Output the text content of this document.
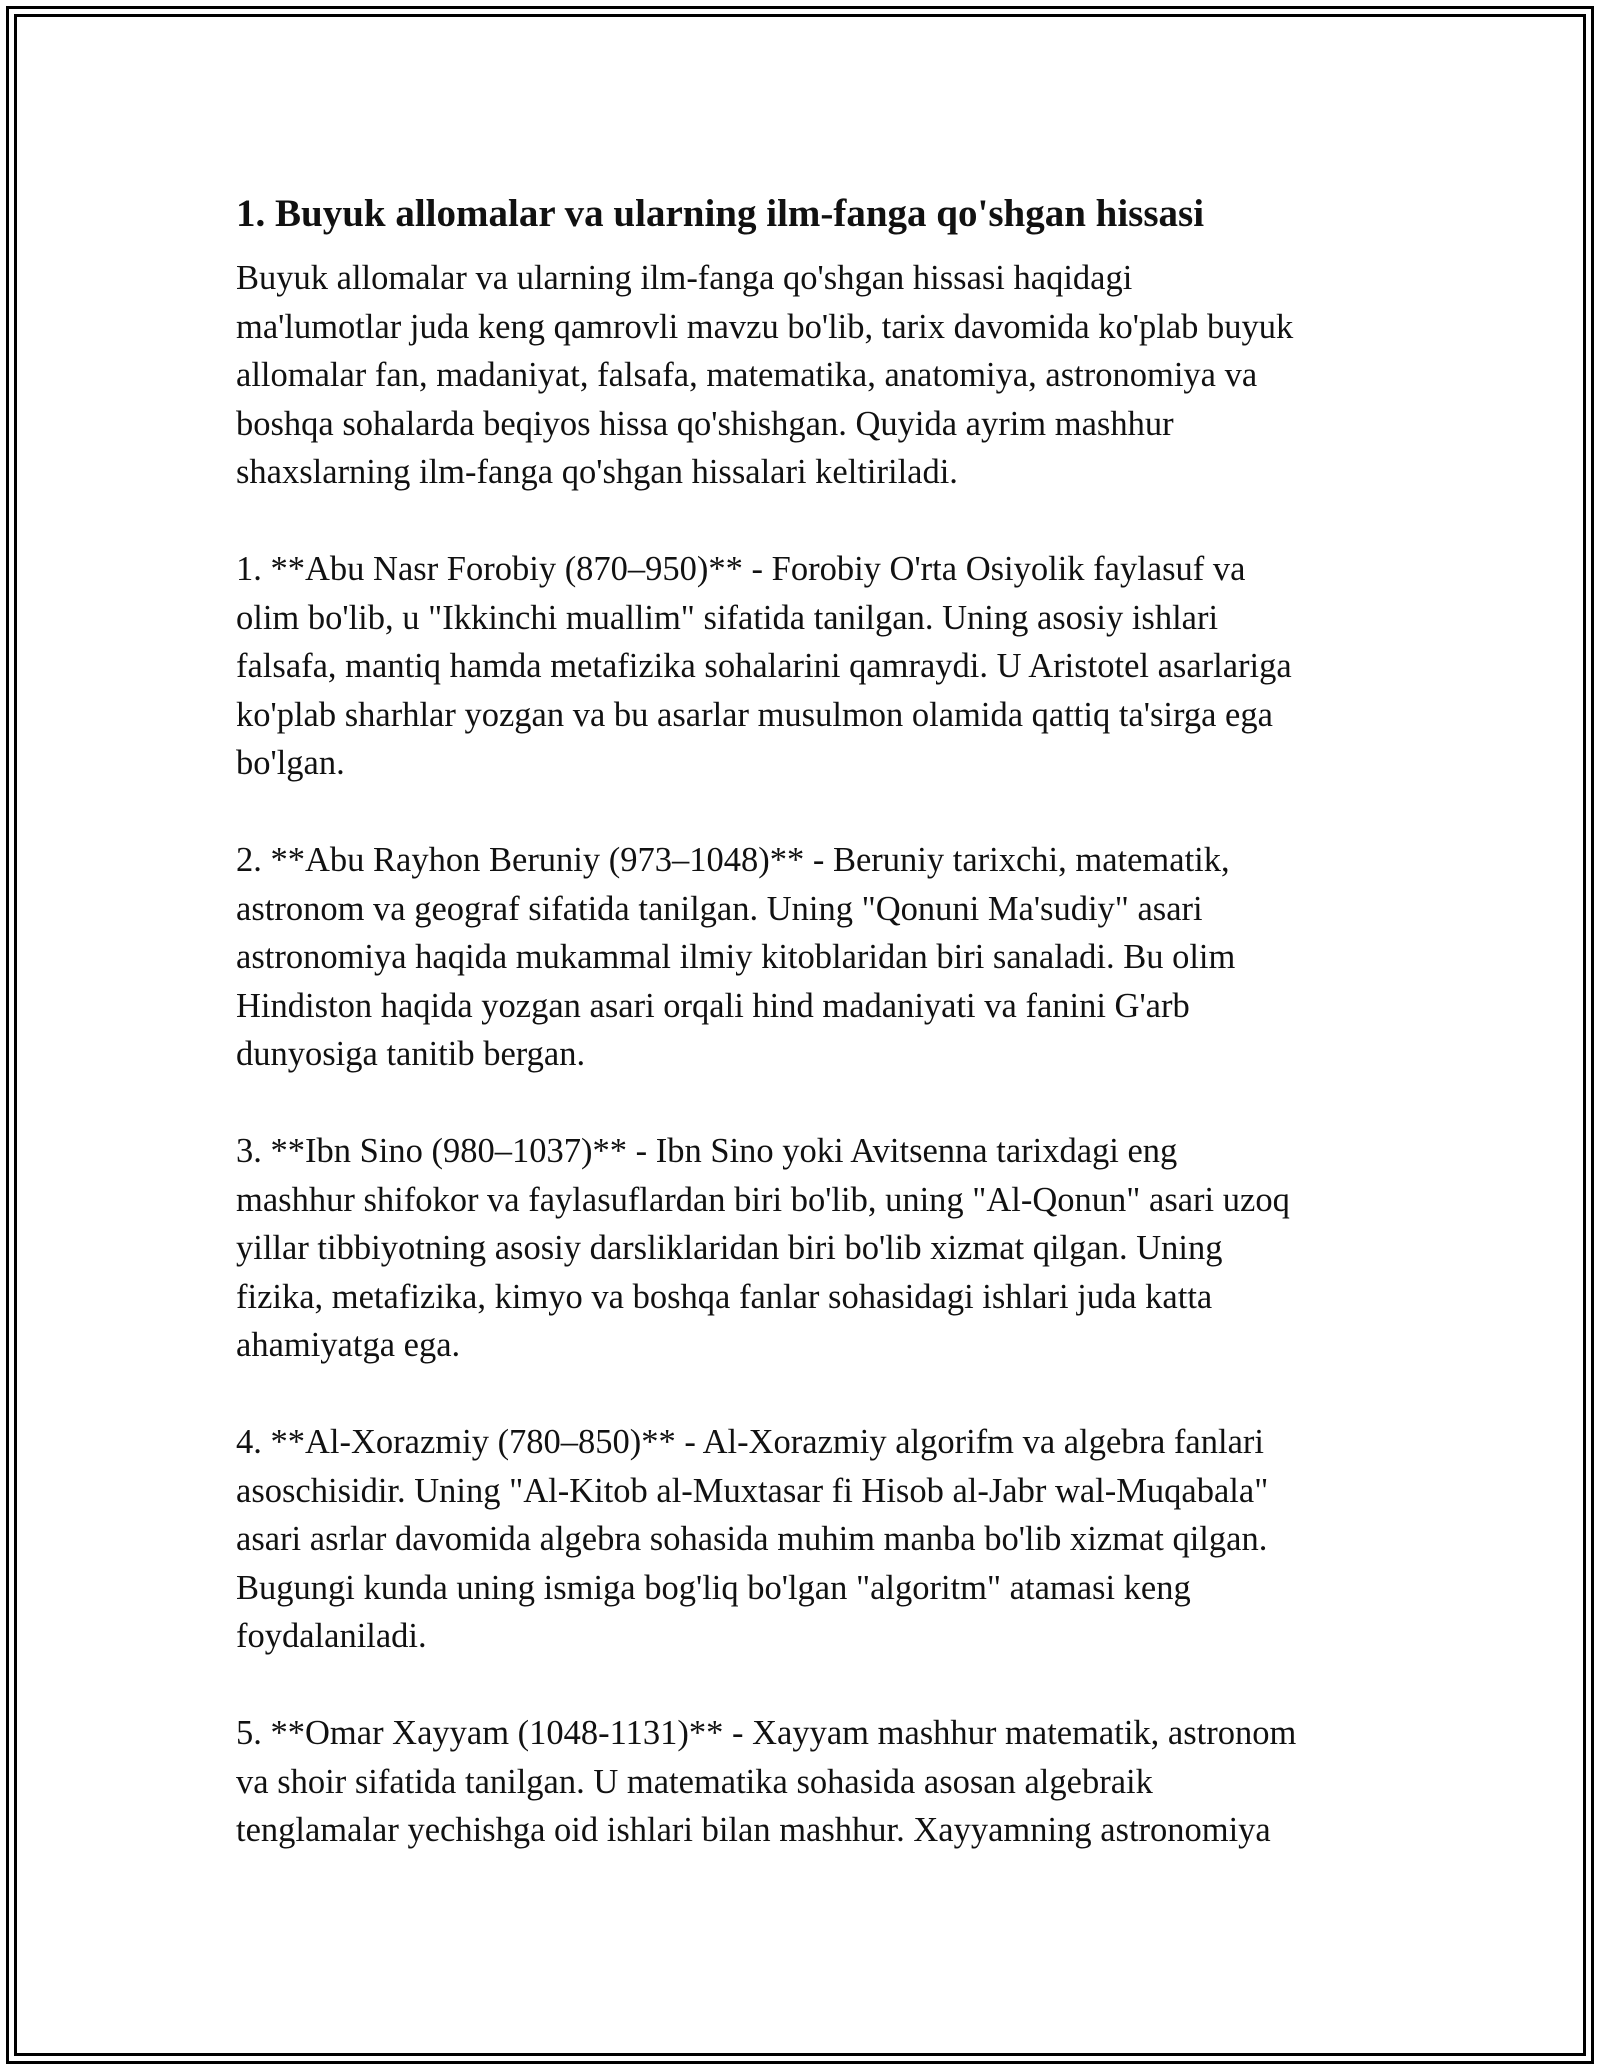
1. Buyuk allomalar va ularning ilm-fanga qo'shgan hissasi

Buyuk allomalar va ularning ilm-fanga qo'shgan hissasi haqidagi
ma'lumotlar juda keng qamrovli mavzu bo'lib, tarix davomida ko'plab buyuk
allomalar fan, madaniyat, falsafa, matematika, anatomiya, astronomiya va
boshqa sohalarda beqiyos hissa qo'shishgan. Quyida ayrim mashhur
shaxslarning ilm-fanga qo'shgan hissalari keltiriladi.

1. **Abu Nasr Forobiy (870–950)** - Forobiy O'rta Osiyolik faylasuf va
olim bo'lib, u "Ikkinchi muallim" sifatida tanilgan. Uning asosiy ishlari
falsafa, mantiq hamda metafizika sohalarini qamraydi. U Aristotel asarlariga
ko'plab sharhlar yozgan va bu asarlar musulmon olamida qattiq ta'sirga ega
bo'lgan.

2. **Abu Rayhon Beruniy (973–1048)** - Beruniy tarixchi, matematik,
astronom va geograf sifatida tanilgan. Uning "Qonuni Ma'sudiy" asari
astronomiya haqida mukammal ilmiy kitoblaridan biri sanaladi. Bu olim
Hindiston haqida yozgan asari orqali hind madaniyati va fanini G'arb
dunyosiga tanitib bergan.

3. **Ibn Sino (980–1037)** - Ibn Sino yoki Avitsenna tarixdagi eng
mashhur shifokor va faylasuflardan biri bo'lib, uning "Al-Qonun" asari uzoq
yillar tibbiyotning asosiy darsliklaridan biri bo'lib xizmat qilgan. Uning
fizika, metafizika, kimyo va boshqa fanlar sohasidagi ishlari juda katta
ahamiyatga ega.

4. **Al-Xorazmiy (780–850)** - Al-Xorazmiy algorifm va algebra fanlari
asoschisidir. Uning "Al-Kitob al-Muxtasar fi Hisob al-Jabr wal-Muqabala"
asari asrlar davomida algebra sohasida muhim manba bo'lib xizmat qilgan.
Bugungi kunda uning ismiga bog'liq bo'lgan "algoritm" atamasi keng
foydalaniladi.

5. **Omar Xayyam (1048-1131)** - Xayyam mashhur matematik, astronom
va shoir sifatida tanilgan. U matematika sohasida asosan algebraik
tenglamalar yechishga oid ishlari bilan mashhur. Xayyamning astronomiya
